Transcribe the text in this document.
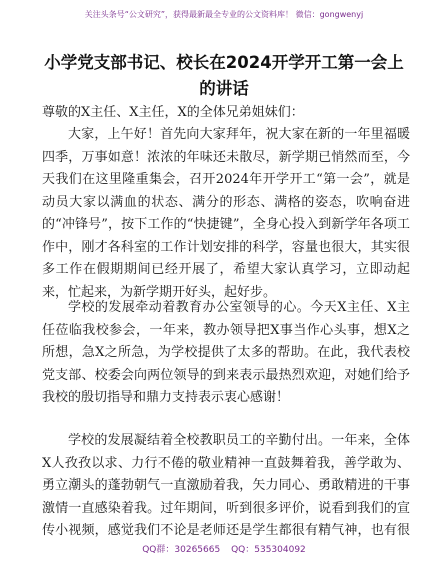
关注头条号“公文研究”，获得最新最全专业的公文资料库！ 微信：gongwenyj
小学党支部书记、校长在2024开学开工第一会上的讲话
尊敬的X主任、X主任，X的全体兄弟姐妹们：

大家，上午好！首先向大家拜年，祝大家在新的一年里福暖四季，万事如意！浓浓的年味还未散尽，新学期已悄然而至，今天我们在这里隆重集会，召开2024年开学开工“第一会”，就是动员大家以满血的状态、满分的形态、满格的姿态，吹响奋进的“冲锋号”，按下工作的“快捷键”，全身心投入到新学年各项工作中，刚才各科室的工作计划安排的科学，容量也很大，其实很多工作在假期期间已经开展了，希望大家认真学习，立即动起来，忙起来，为新学期开好头，起好步。

学校的发展牵动着教育办公室领导的心。今天X主任、X主任莅临我校参会，一年来，教办领导把X事当作心头事，想X之所想，急X之所急，为学校提供了太多的帮助。在此，我代表校党支部、校委会向两位领导的到来表示最热烈欢迎，对她们给予我校的殷切指导和鼎力支持表示衷心感谢！

学校的发展凝结着全校教职员工的辛勤付出。一年来，全体X人孜孜以求、力行不倦的敬业精神一直鼓舞着我，善学敢为、勇立潮头的蓬勃朝气一直激励着我，矢力同心、勇敢精进的干事激情一直感染着我。过年期间，听到很多评价，说看到我们的宣传小视频，感觉我们不论是老师还是学生都很有精气神，也有很

QQ群：30265665 QQ：535304092
